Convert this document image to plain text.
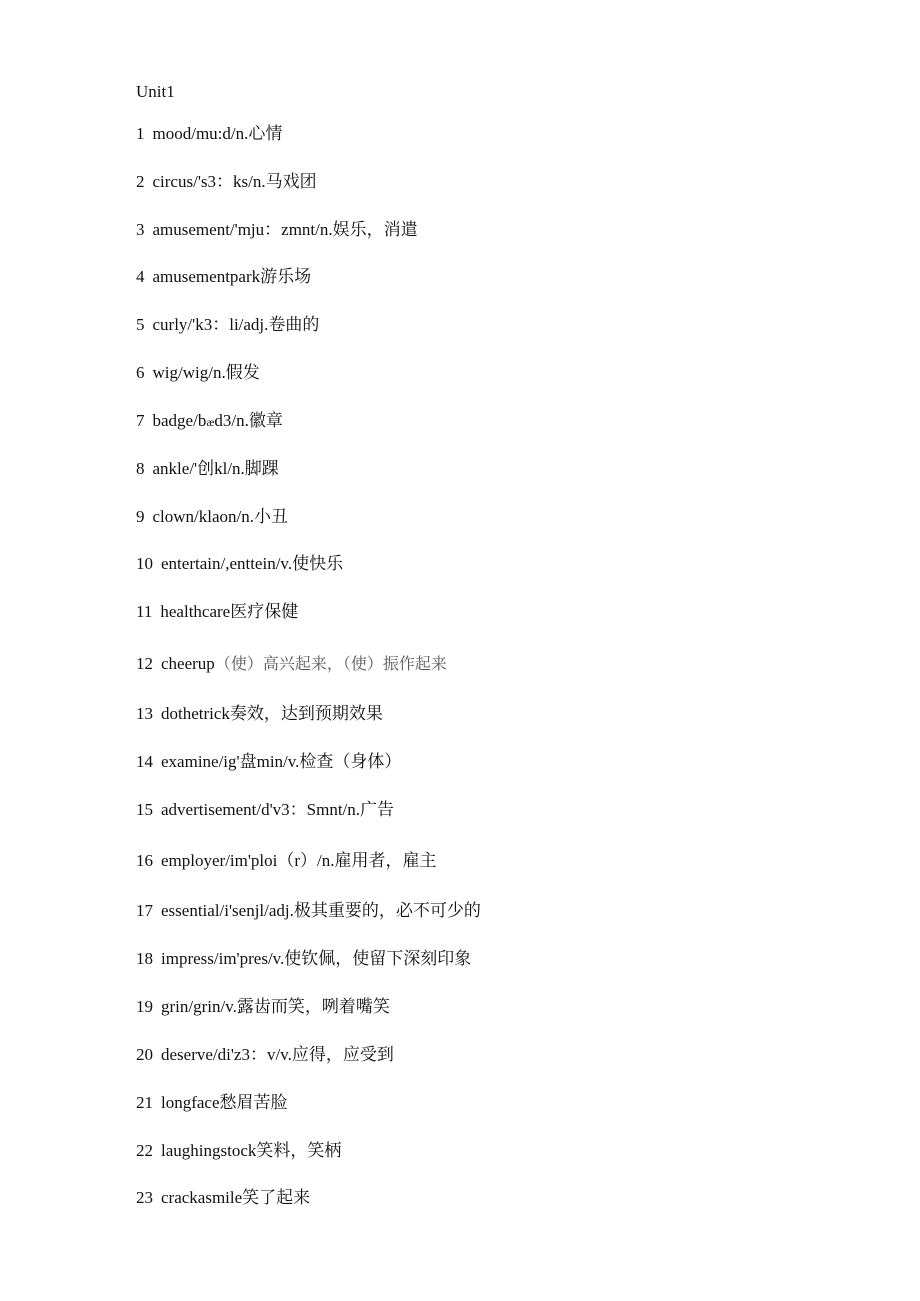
Unit1
1 mood/mu:d/n.心情
2 circus/'s3：ks/n.马戏团
3 amusement/'mju：zmnt/n.娱乐，消遣
4 amusementpark游乐场
5 curly/'k3：li/adj.卷曲的
6 wig/wig/n.假发
7 badge/bæd3/n.徽章
8 ankle/'创kl/n.脚踝
9 clown/klaon/n.小丑
10 entertain/,enttein/v.使快乐
11 healthcare医疗保健
12 cheerup（使）高兴起来，（使）振作起来
13 dothetrick奏效，达到预期效果
14 examine/ig'盘min/v.检查（身体）
15 advertisement/d'v3：Smnt/n.广告
16 employer/im'ploi（r）/n.雇用者，雇主
17 essential/i'senjl/adj.极其重要的，必不可少的
18 impress/im'pres/v.使钦佩，使留下深刻印象
19 grin/grin/v.露齿而笑，咧着嘴笑
20 deserve/di'z3：v/v.应得，应受到
21 longface愁眉苦脸
22 laughingstock笑料，笑柄
23 crackasmile笑了起来
